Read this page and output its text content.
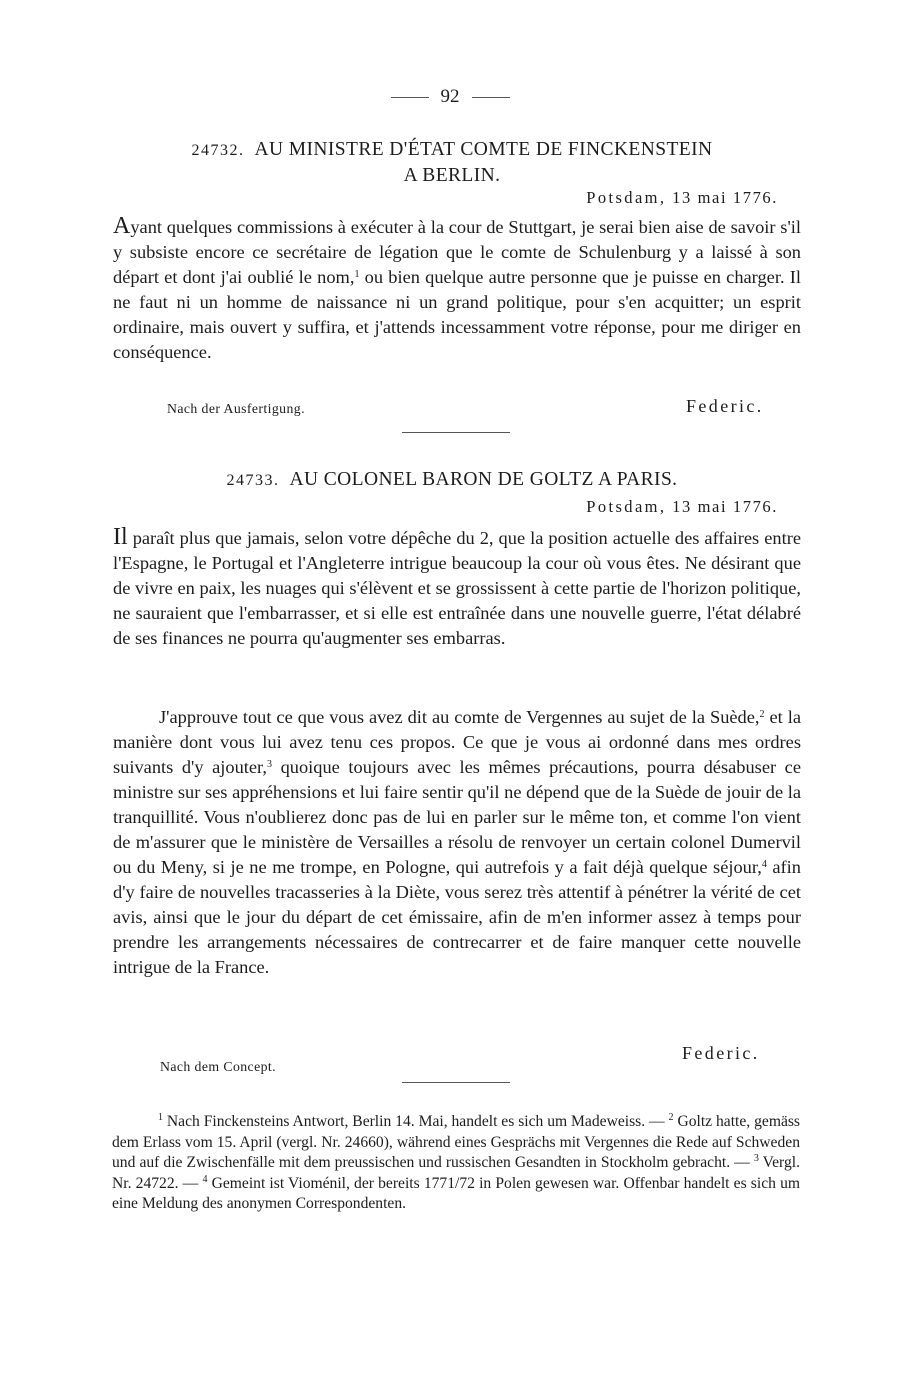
92
24732. AU MINISTRE D'ÉTAT COMTE DE FINCKENSTEIN
A BERLIN.
Potsdam, 13 mai 1776.

Ayant quelques commissions à exécuter à la cour de Stuttgart, je serai bien aise de savoir s'il y subsiste encore ce secrétaire de légation que le comte de Schulenburg y a laissé à son départ et dont j'ai oublié le nom,$^1$ ou bien quelque autre personne que je puisse en charger. Il ne faut ni un homme de naissance ni un grand politique, pour s'en acquitter; un esprit ordinaire, mais ouvert y suffira, et j'attends incessamment votre réponse, pour me diriger en conséquence.

Nach der Ausfertigung.	Federic.
24733. AU COLONEL BARON DE GOLTZ A PARIS.
Potsdam, 13 mai 1776.

Il paraît plus que jamais, selon votre dépêche du 2, que la position actuelle des affaires entre l'Espagne, le Portugal et l'Angleterre intrigue beaucoup la cour où vous êtes. Ne désirant que de vivre en paix, les nuages qui s'élèvent et se grossissent à cette partie de l'horizon politique, ne sauraient que l'embarrasser, et si elle est entraînée dans une nouvelle guerre, l'état délabré de ses finances ne pourra qu'augmenter ses embarras.

J'approuve tout ce que vous avez dit au comte de Vergennes au sujet de la Suède,$^2$ et la manière dont vous lui avez tenu ces propos. Ce que je vous ai ordonné dans mes ordres suivants d'y ajouter,$^3$ quoique toujours avec les mêmes précautions, pourra désabuser ce ministre sur ses appréhensions et lui faire sentir qu'il ne dépend que de la Suède de jouir de la tranquillité. Vous n'oublierez donc pas de lui en parler sur le même ton, et comme l'on vient de m'assurer que le ministère de Versailles a résolu de renvoyer un certain colonel Dumervil ou du Meny, si je ne me trompe, en Pologne, qui autrefois y a fait déjà quelque séjour,$^4$ afin d'y faire de nouvelles tracasseries à la Diète, vous serez très attentif à pénétrer la vérité de cet avis, ainsi que le jour du départ de cet émissaire, afin de m'en informer assez à temps pour prendre les arrangements nécessaires de contrecarrer et de faire manquer cette nouvelle intrigue de la France.

Nach dem Concept.
Federic.

$^1$ Nach Finckensteins Antwort, Berlin 14. Mai, handelt es sich um Madeweiss. — $^2$ Goltz hatte, gemäss dem Erlass vom 15. April (vergl. Nr. 24660), während eines Gesprächs mit Vergennes die Rede auf Schweden und auf die Zwischenfälle mit dem preussischen und russischen Gesandten in Stockholm gebracht. — $^3$ Vergl. Nr. 24722. — $^4$ Gemeint ist Vioménil, der bereits 1771/72 in Polen gewesen war. Offenbar handelt es sich um eine Meldung des anonymen Correspondenten.
